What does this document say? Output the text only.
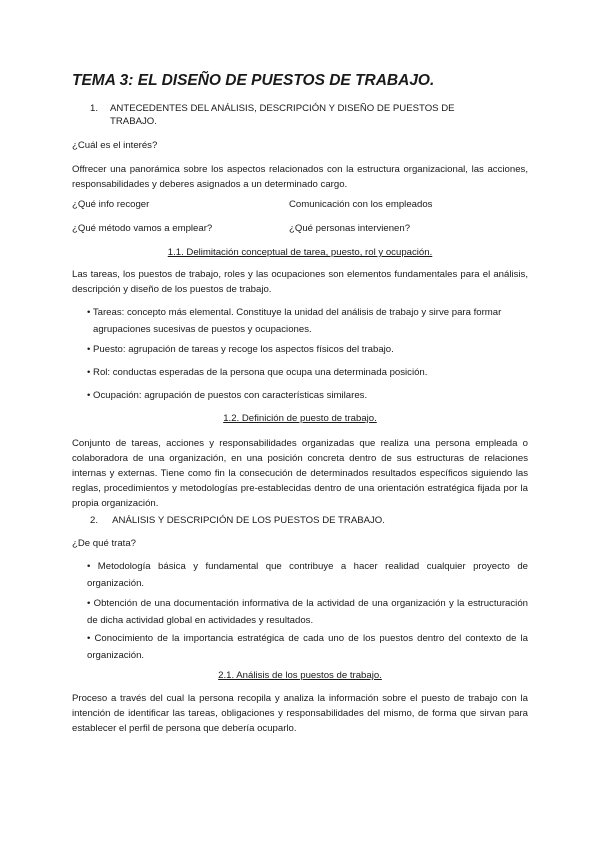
TEMA 3: EL DISEÑO DE PUESTOS DE TRABAJO.
1. ANTECEDENTES DEL ANÁLISIS, DESCRIPCIÓN Y DISEÑO DE PUESTOS DE
TRABAJO.
¿Cuál es el interés?
Offrecer una panorámica sobre los aspectos relacionados con la estructura organizacional, las acciones, responsabilidades y deberes asignados a un determinado cargo.
¿Qué info recoger	Comunicación con los empleados
¿Qué método vamos a emplear?	¿Qué personas intervienen?
1.1. Delimitación conceptual de tarea, puesto, rol y ocupación.
Las tareas, los puestos de trabajo, roles y las ocupaciones son elementos fundamentales para el análisis, descripción y diseño de los puestos de trabajo.
• Tareas: concepto más elemental. Constituye la unidad del análisis de trabajo y sirve para formar
agrupaciones sucesivas de puestos y ocupaciones.
• Puesto: agrupación de tareas y recoge los aspectos físicos del trabajo.
• Rol: conductas esperadas de la persona que ocupa una determinada posición.
• Ocupación: agrupación de puestos con características similares.
1.2. Definición de puesto de trabajo.
Conjunto de tareas, acciones y responsabilidades organizadas que realiza una persona empleada o colaboradora de una organización, en una posición concreta dentro de sus estructuras de relaciones internas y externas. Tiene como fin la consecución de determinados resultados específicos siguiendo las reglas, procedimientos y metodologías pre-establecidas dentro de una orientación estratégica fijada por la propia organización.
2. ANÁLISIS Y DESCRIPCIÓN DE LOS PUESTOS DE TRABAJO.
¿De qué trata?
• Metodología básica y fundamental que contribuye a hacer realidad cualquier proyecto de organización.
• Obtención de una documentación informativa de la actividad de una organización y la estructuración de dicha actividad global en actividades y resultados.
• Conocimiento de la importancia estratégica de cada uno de los puestos dentro del contexto de la organización.
2.1. Análisis de los puestos de trabajo.
Proceso a través del cual la persona recopila y analiza la información sobre el puesto de trabajo con la intención de identificar las tareas, obligaciones y responsabilidades del mismo, de forma que sirvan para establecer el perfil de persona que debería ocuparlo.
